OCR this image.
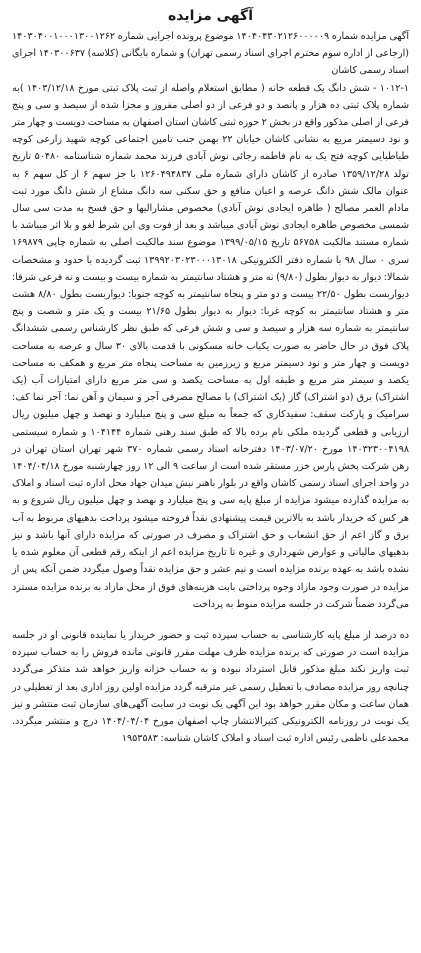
آگهی مزایده

آگهی مزایده شماره ۱۴۰۴۰۴۳۰۲۱۲۶۰۰۰۰۰۹ موضوع پرونده اجرایی شماره ۱۴۰۳۰۴۰۰۱۰۰۰۱۳۰۰۱۲۶۲ (ارجاعی از اداره سوم محترم اجرای اسناد رسمی تهران) و شماره بایگانی (کلاسه) ۱۴۰۳۰۰۶۳۷ اجرای اسناد رسمی کاشان

۱۰۱۲-۱ - شش دانگ یک قطعه خانه ( مطابق استعلام واصله از ثبت پلاک ثبتی مورخ ۱۴۰۳/۱۲/۱۸ )به شماره پلاک ثبتی ده هزار و پانصد و دو فرعی از دو اصلی مفروز و مجزا شده از سیصد و سی و پنج فرعی از اصلی مذکور واقع در بخش ۲ حوزه ثبتی کاشان استان اصفهان به مساحت دویست و چهار متر و نود دسیمتر مربع به نشانی کاشان خیابان ۲۲ بهمن جنب تامین اجتماعی کوچه شهید زارعی کوچه طباطبایی کوچه فتح یک به نام فاطمه رجائی نوش آبادی فرزند محمد شماره شناسنامه ۵۰۴۸۰ تاریخ تولد ۱۳۵۹/۱۲/۲۸ صادره از کاشان دارای شماره ملی ۱۲۶۰۴۹۴۸۳۷ با جز سهم ۶ از کل سهم ۶ به عنوان مالک شش دانگ عرصه و اعیان منافع و حق سکنی سه دانگ مشاع از شش دانگ مورد ثبت مادام العمر مصالح ( طاهره ایجادی نوش آبادی) مخصوص مشارالیها و حق فسخ به مدت سی سال شمسی مخصوص طاهره ایجادی نوش آبادی میباشد و بعد از فوت وی این شرط لغو و بلا اثر میباشد با شماره مستند مالکیت ۵۶۷۵۸ تاریخ ۱۳۹۹/۰۵/۱۵ موضوع سند مالکیت اصلی به شماره چاپی ۱۶۹۸۷۹ سری ۰ سال ۹۸ با شماره دفتر الکترونیکی ۱۳۹۹۲۰۳۰۲۳۰۰۰۱۳۰۱۸ ثبت گردیده با حدود و مشخصات شمالا: دیوار به دیوار بطول (۹/۸۰) نه متر و هشتاد سانتیمتر به شماره بیست و بیست و نه فرعی شرقا: دیواربست بطول ۲۲/۵۰ بیست و دو متر و پنجاه سانتیمتر به کوچه جنوبا: دیواربست بطول ۸/۸۰ هشت متر و هشتاد سانتیمتر به کوچه غربا: دیوار به دیوار بطول ۲۱/۶۵ بیست و یک متر و شصت و پنج سانتیمتر به شماره سه هزار و سیصد و سی و شش فرعی که طبق نظر کارشناس رسمی ششدانگ پلاک فوق در حال حاضر به صورت یکباب خانه مسکونی با قدمت بالای ۳۰ سال و عرصه به مساحت دویست و چهار متر و نود دسیمتر مربع و زیرزمین به مساحت پنجاه متر مربع و همکف به مساحت یکصد و سیمتر متر مربع و طبقه اول به مساحت یکصد و سی متر مربع دارای امتیازات آب (یک اشتراک) برق (دو اشتراک) گاز (یک اشتراک) با مصالح مصرفی آجر و سیمان و آهن نما: آجر نما کف: سرامیک و پارکت سقف: سفیدکاری که جمعاً به مبلغ سی و پنج میلیارد و نهصد و چهل میلیون ریال ارزیابی و قطعی گردیده ملکی نام برده بالا که طبق سند رهنی شماره ۱۰۴۱۴۴ و شماره سیستمی ۱۴۰۳۲۳۰۰۴۱۹۸ مورخ ۱۴۰۳/۰۷/۲۰ دفترخانه اسناد رسمی شماره ۳۷۰ شهر تهران استان تهران در رهن شرکت پخش پارس خزر مستقر شده است از ساعت ۹ الی ۱۲ روز چهارشنبه مورخ ۱۴۰۴/۰۴/۱۸ در واحد اجرای اسناد رسمی کاشان واقع در بلوار باهنر نبش میدان جهاد محل اداره ثبت اسناد و املاک به مزایده گذارده میشود مزایده از مبلغ پایه سی و پنج میلیارد و نهصد و چهل میلیون ریال شروع و به هر کس که خریدار باشد به بالاترین قیمت پیشنهادی نقداً فروخته میشود پرداخت بدهیهای مربوط به آب برق و گاز اعم از حق انشعاب و حق اشتراک و مصرف در صورتی که مزایده دارای آنها باشد و نیز بدهیهای مالیاتی و عوارض شهرداری و غیره تا تاریخ مزایده اعم از اینکه رقم قطعی آن معلوم شده یا نشده باشد به عهده برنده مزایده است و نیم عشر و حق مزایده نقداً وصول میگردد ضمن آنکه پس از مزایده در صورت وجود مازاد وجوه پرداختی بابت هزینه‌های فوق از محل مازاد به برنده مزایده مسترد می‌گردد ضمناً شرکت در جلسه مزایده منوط به پرداخت

ده درصد از مبلغ پایه کارشناسی به حساب سپرده ثبت و حضور خریدار یا نماینده قانونی او در جلسه مزایده است در صورتی که برنده مزایده ظرف مهلت مقرر قانونی مانده فروش را به حساب سپرده ثبت واریز نکند مبلغ مذکور قابل استرداد نبوده و به حساب خزانه واریز خواهد شد متذکر می‌گردد چنانچه روز مزایده مصادف با تعطیل رسمی غیر مترقبه گردد مزایده اولین روز اداری بعد از تعطیلی در همان ساعت و مکان مقرر خواهد بود این آگهی یک نوبت در سایت آگهی‌های سازمان ثبت منتشر و نیز یک نوبت در روزنامه الکترونیکی کثیرالانتشار چاپ اصفهان مورخ ۱۴۰۴/۰۴/۰۴ درج و منتشر میگردد. محمدعلی ناظمی رئیس اداره ثبت اسناد و املاک کاشان شناسه: ۱۹۵۳۵۸۳
